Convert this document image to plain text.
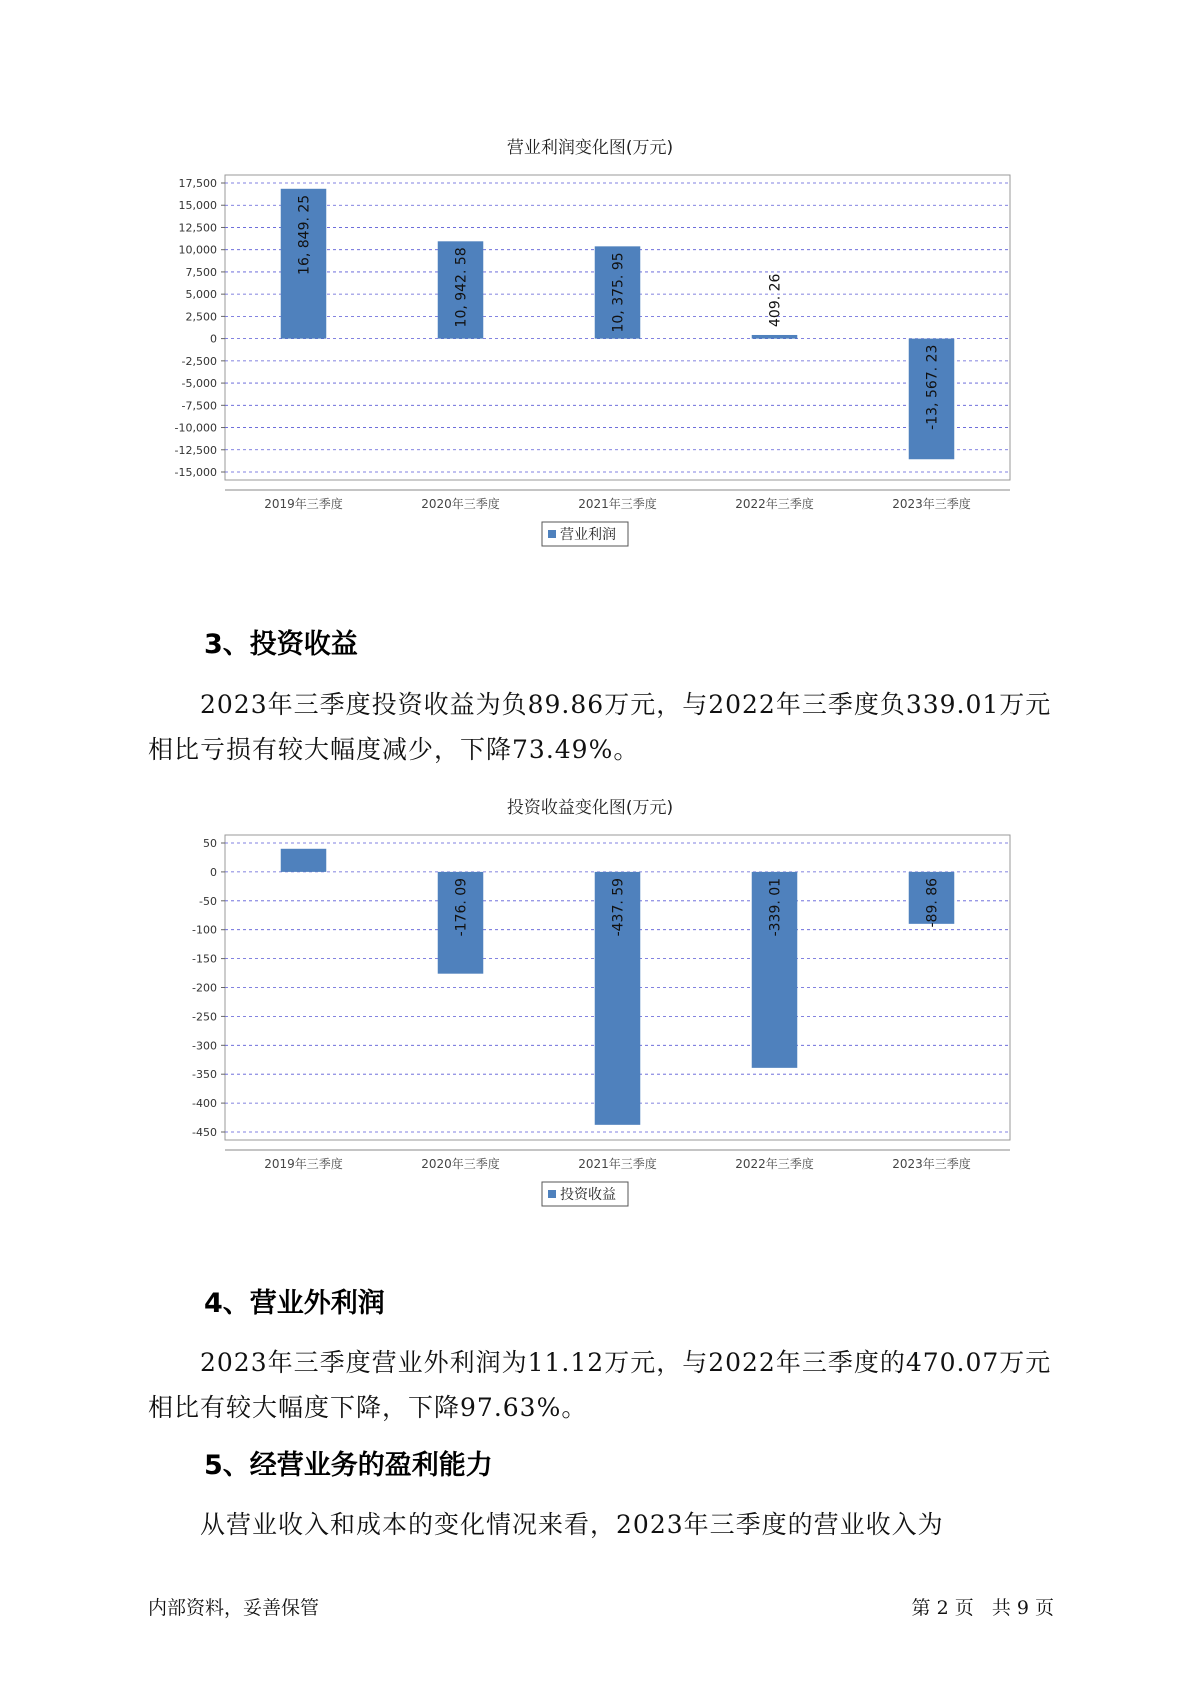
营业利润变化图(万元)
17,500
15,000
12,500
10,000
7,500
5,000
2,500
0
-2,500
-5,000
-7,500
-10,000
-12,500
-15,000
2019年三季度
16, 849. 25
2020年三季度
10, 942. 58
2021年三季度
10, 375. 95
2022年三季度
409. 26
2023年三季度
-13, 567. 23
营业利润
3、投资收益

2023年三季度投资收益为负89.86万元，与2022年三季度负339.01万元相比亏损有较大幅度减少，下降73.49%。

投资收益变化图(万元)
50
0
-50
-100
-150
-200
-250
-300
-350
-400
-450
2019年三季度	2020年三季度
-176. 09
2021年三季度
-437. 59
2022年三季度
-339. 01
2023年三季度
-89. 86
投资收益
4、营业外利润

2023年三季度营业外利润为11.12万元，与2022年三季度的470.07万元相比有较大幅度下降，下降97.63%。

5、经营业务的盈利能力

从营业收入和成本的变化情况来看，2023年三季度的营业收入为

内部资料，妥善保管	第 2 页   共 9 页
